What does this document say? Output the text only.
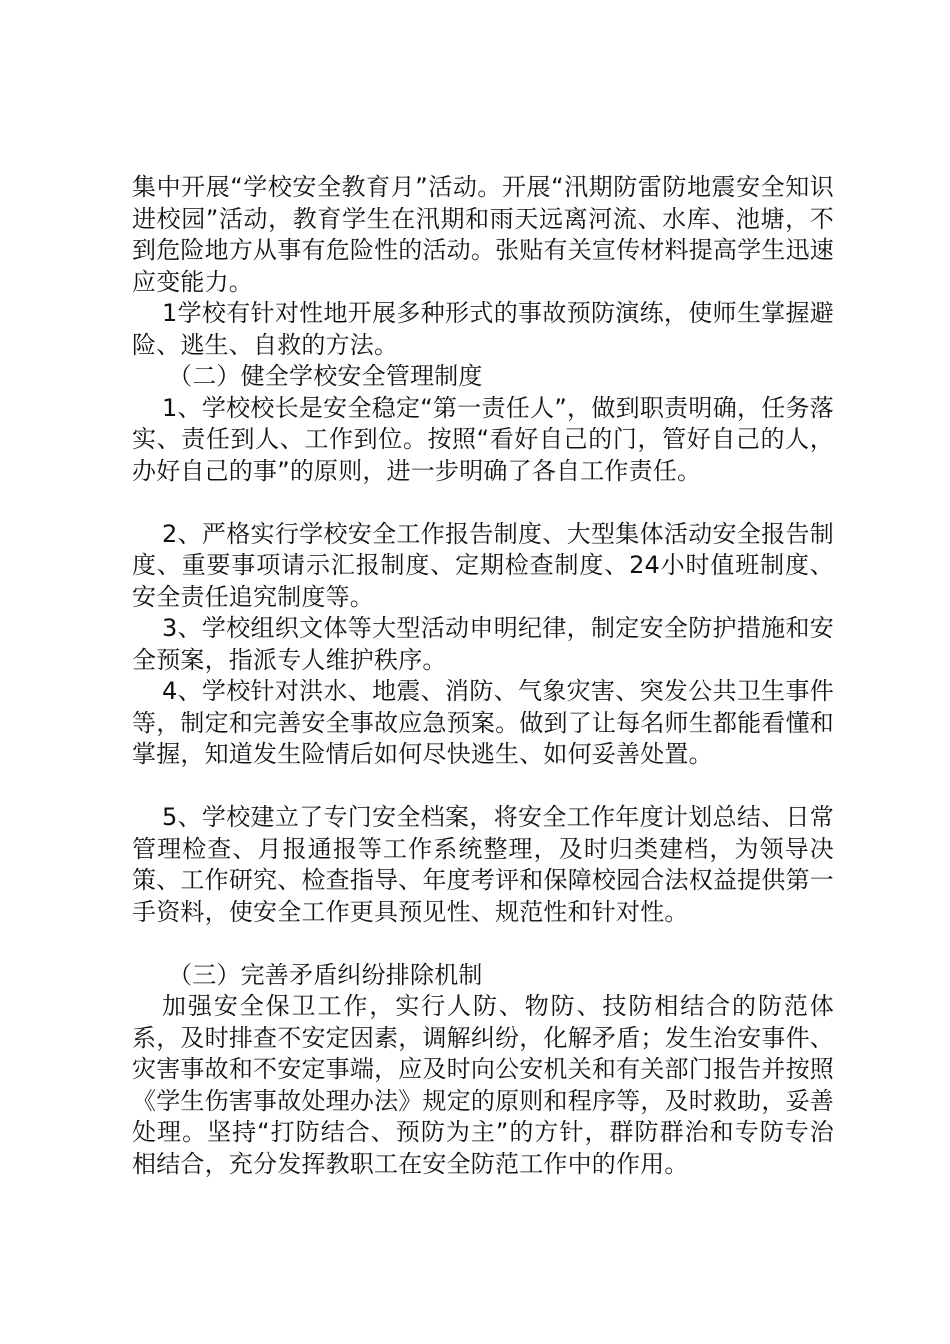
集中开展“学校安全教育月”活动。开展“汛期防雷防地震安全知识进校园”活动，教育学生在汛期和雨天远离河流、水库、池塘，不到危险地方从事有危险性的活动。张贴有关宣传材料提高学生迅速应变能力。

1学校有针对性地开展多种形式的事故预防演练，使师生掌握避险、逃生、自救的方法。

（二）健全学校安全管理制度

1、学校校长是安全稳定“第一责任人”，做到职责明确，任务落实、责任到人、工作到位。按照“看好自己的门，管好自己的人，办好自己的事”的原则，进一步明确了各自工作责任。

2、严格实行学校安全工作报告制度、大型集体活动安全报告制度、重要事项请示汇报制度、定期检查制度、24小时值班制度、安全责任追究制度等。

3、学校组织文体等大型活动申明纪律，制定安全防护措施和安全预案，指派专人维护秩序。

4、学校针对洪水、地震、消防、气象灾害、突发公共卫生事件等，制定和完善安全事故应急预案。做到了让每名师生都能看懂和掌握，知道发生险情后如何尽快逃生、如何妥善处置。

5、学校建立了专门安全档案，将安全工作年度计划总结、日常管理检查、月报通报等工作系统整理，及时归类建档，为领导决策、工作研究、检查指导、年度考评和保障校园合法权益提供第一手资料，使安全工作更具预见性、规范性和针对性。

（三）完善矛盾纠纷排除机制

加强安全保卫工作，实行人防、物防、技防相结合的防范体系，及时排查不安定因素，调解纠纷，化解矛盾；发生治安事件、灾害事故和不安定事端，应及时向公安机关和有关部门报告并按照《学生伤害事故处理办法》规定的原则和程序等，及时救助，妥善处理。坚持“打防结合、预防为主”的方针，群防群治和专防专治相结合，充分发挥教职工在安全防范工作中的作用。
